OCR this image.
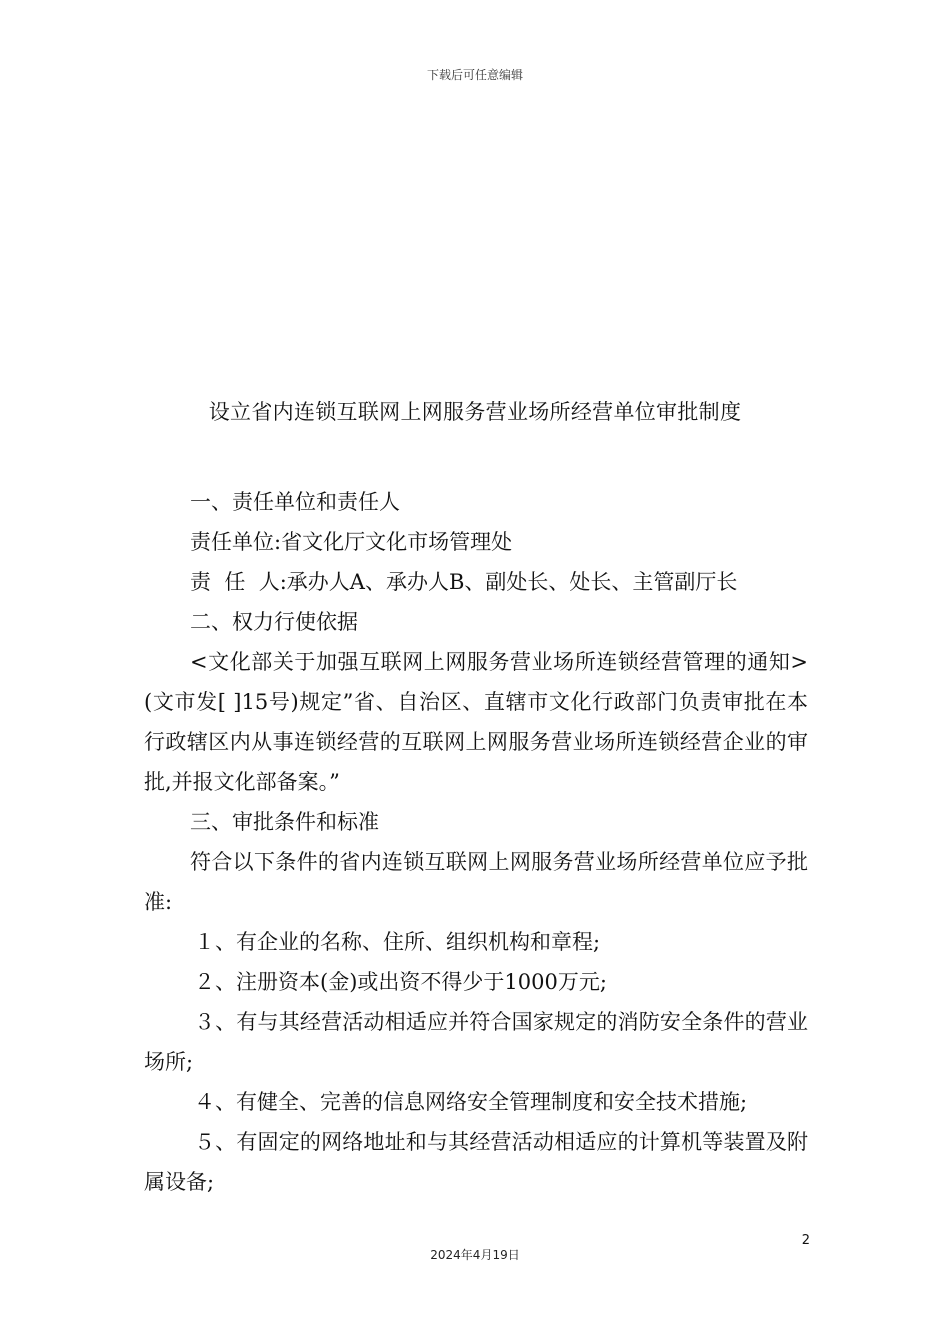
下载后可任意编辑
设立省内连锁互联网上网服务营业场所经营单位审批制度

一、责任单位和责任人

责任单位:省文化厅文化市场管理处

责  任  人:承办人A、承办人B、副处长、处长、主管副厅长

二、权力行使依据

<文化部关于加强互联网上网服务营业场所连锁经营管理的通知>(文市发[ ]15号)规定”省、自治区、直辖市文化行政部门负责审批在本行政辖区内从事连锁经营的互联网上网服务营业场所连锁经营企业的审批,并报文化部备案。”

三、审批条件和标准

符合以下条件的省内连锁互联网上网服务营业场所经营单位应予批准:

１、有企业的名称、住所、组织机构和章程;

２、注册资本(金)或出资不得少于1000万元;

３、有与其经营活动相适应并符合国家规定的消防安全条件的营业场所;

４、有健全、完善的信息网络安全管理制度和安全技术措施;

５、有固定的网络地址和与其经营活动相适应的计算机等装置及附属设备;

2
2024年4月19日
